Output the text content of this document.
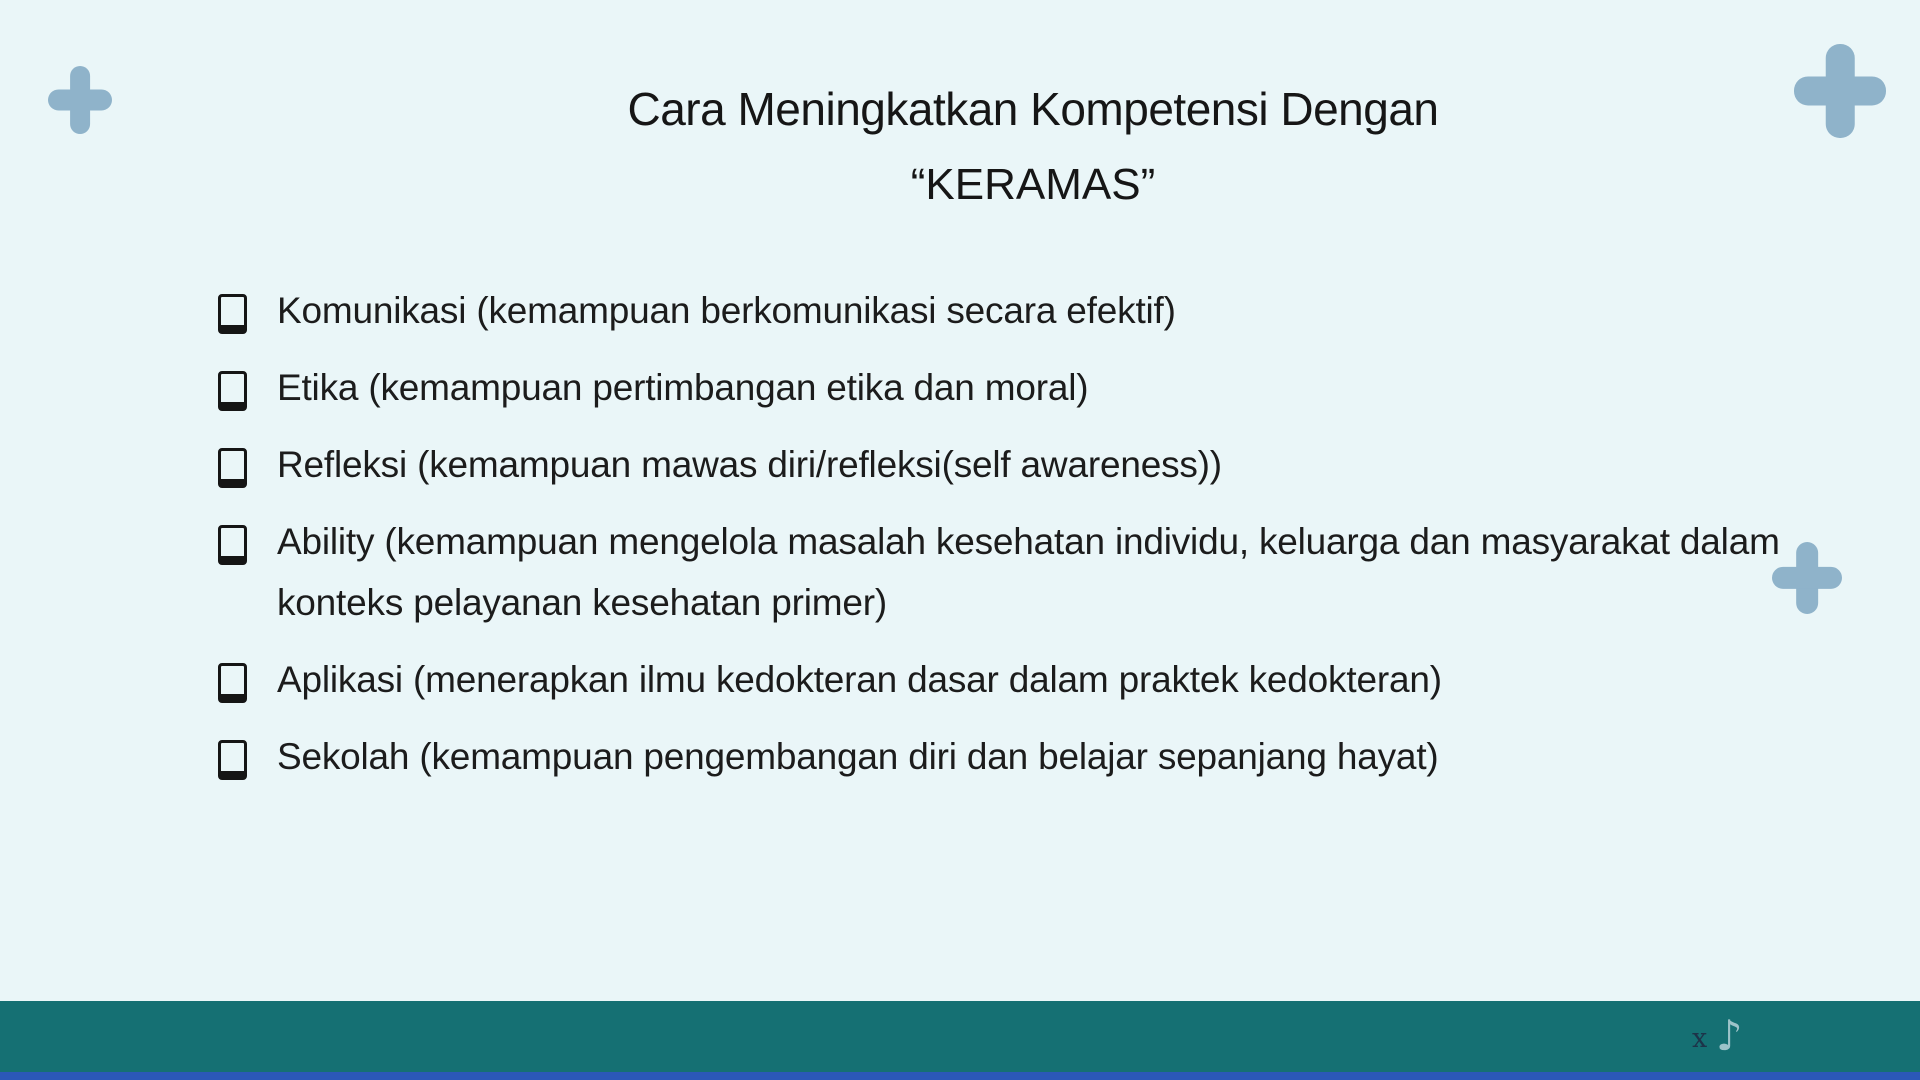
Cara Meningkatkan Kompetensi Dengan
“KERAMAS”
Komunikasi (kemampuan berkomunikasi secara efektif)
Etika (kemampuan pertimbangan etika dan moral)
Refleksi (kemampuan mawas diri/refleksi(self awareness))
Ability (kemampuan mengelola masalah kesehatan individu, keluarga dan masyarakat dalam konteks pelayanan kesehatan primer)
Aplikasi (menerapkan ilmu kedokteran dasar dalam praktek kedokteran)
Sekolah (kemampuan pengembangan diri dan belajar sepanjang hayat)
x ♪
